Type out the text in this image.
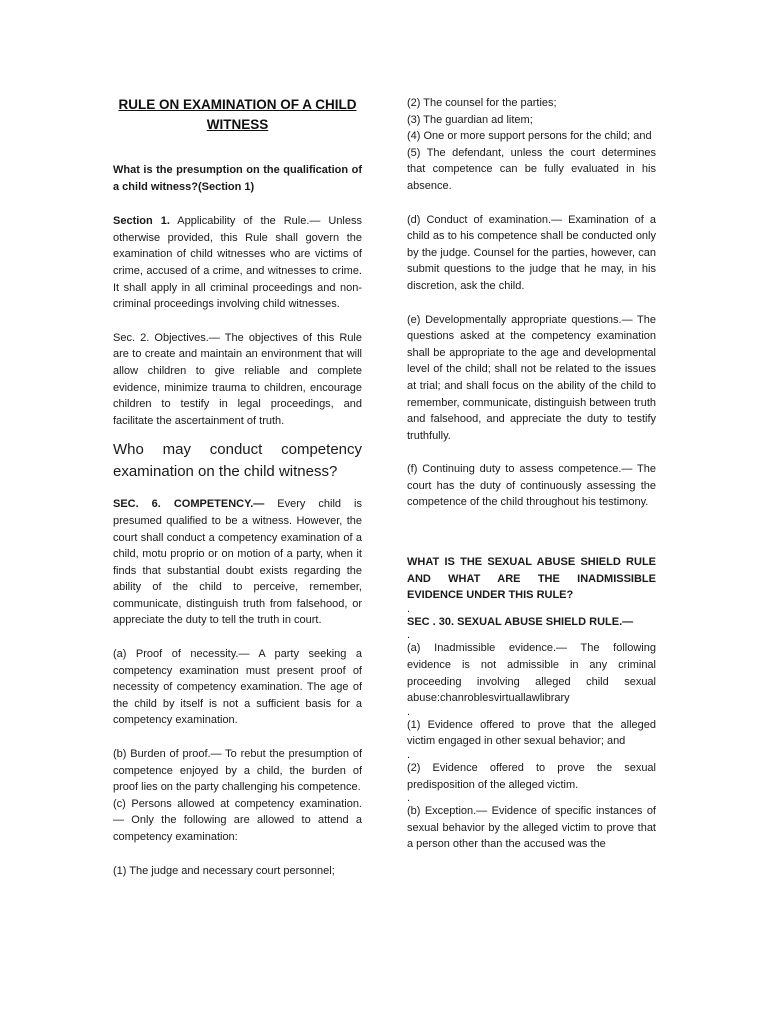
RULE ON EXAMINATION OF A CHILD WITNESS

What is the presumption on the qualification of a child witness?(Section 1)

Section 1. Applicability of the Rule.— Unless otherwise provided, this Rule shall govern the examination of child witnesses who are victims of crime, accused of a crime, and witnesses to crime. It shall apply in all criminal proceedings and non-criminal proceedings involving child witnesses.

Sec. 2. Objectives.— The objectives of this Rule are to create and maintain an environment that will allow children to give reliable and complete evidence, minimize trauma to children, encourage children to testify in legal proceedings, and facilitate the ascertainment of truth.

Who may conduct competency examination on the child witness?

SEC. 6. COMPETENCY.— Every child is presumed qualified to be a witness. However, the court shall conduct a competency examination of a child, motu proprio or on motion of a party, when it finds that substantial doubt exists regarding the ability of the child to perceive, remember, communicate, distinguish truth from falsehood, or appreciate the duty to tell the truth in court.

(a) Proof of necessity.— A party seeking a competency examination must present proof of necessity of competency examination. The age of the child by itself is not a sufficient basis for a competency examination.

(b) Burden of proof.— To rebut the presumption of competence enjoyed by a child, the burden of proof lies on the party challenging his competence.

(c) Persons allowed at competency examination. — Only the following are allowed to attend a competency examination:

(1) The judge and necessary court personnel;

(2) The counsel for the parties;

(3) The guardian ad litem;

(4) One or more support persons for the child; and

(5) The defendant, unless the court determines that competence can be fully evaluated in his absence.

(d) Conduct of examination.— Examination of a child as to his competence shall be conducted only by the judge. Counsel for the parties, however, can submit questions to the judge that he may, in his discretion, ask the child.

(e) Developmentally appropriate questions.— The questions asked at the competency examination shall be appropriate to the age and developmental level of the child; shall not be related to the issues at trial; and shall focus on the ability of the child to remember, communicate, distinguish between truth and falsehood, and appreciate the duty to testify truthfully.

(f) Continuing duty to assess competence.— The court has the duty of continuously assessing the competence of the child throughout his testimony.

WHAT IS THE SEXUAL ABUSE SHIELD RULE AND WHAT ARE THE INADMISSIBLE EVIDENCE UNDER THIS RULE?

.

SEC . 30. SEXUAL ABUSE SHIELD RULE.—

.

(a) Inadmissible evidence.— The following evidence is not admissible in any criminal proceeding involving alleged child sexual abuse:chanroblesvirtuallawlibrary

.

(1) Evidence offered to prove that the alleged victim engaged in other sexual behavior; and

.

(2) Evidence offered to prove the sexual predisposition of the alleged victim.

.

(b) Exception.— Evidence of specific instances of sexual behavior by the alleged victim to prove that a person other than the accused was the
